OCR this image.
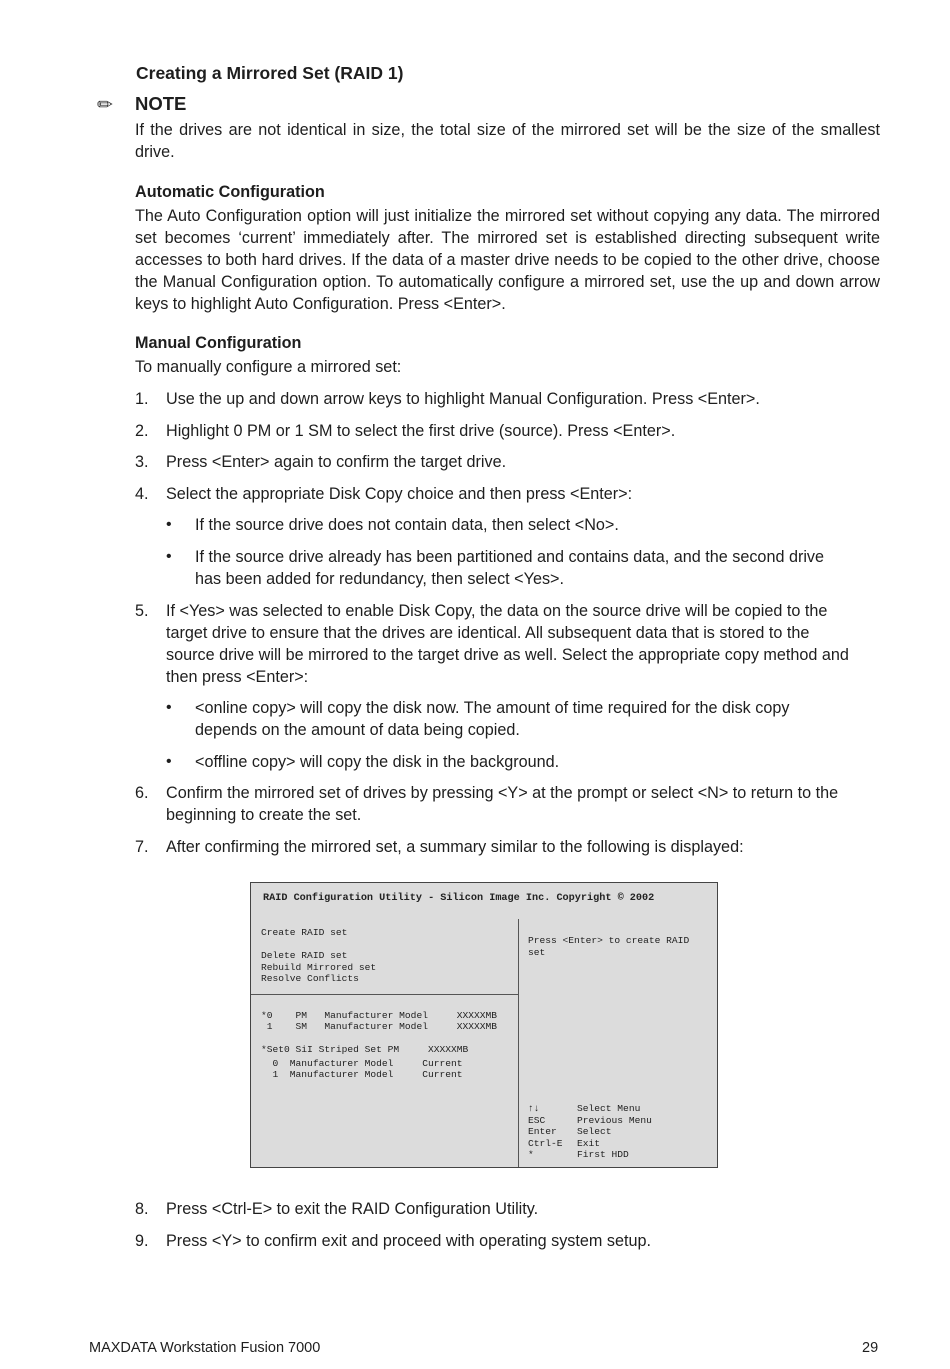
Creating a Mirrored Set (RAID 1)
✏ NOTE
If the drives are not identical in size, the total size of the mirrored set will be the size of the smallest drive.
Automatic Configuration
The Auto Configuration option will just initialize the mirrored set without copying any data. The mirrored set becomes ‘current’ immediately after. The mirrored set is established directing subsequent write accesses to both hard drives. If the data of a master drive needs to be copied to the other drive, choose the Manual Configuration option. To automatically configure a mirrored set, use the up and down arrow keys to highlight Auto Configuration. Press <Enter>.
Manual Configuration
To manually configure a mirrored set:
1. Use the up and down arrow keys to highlight Manual Configuration. Press <Enter>.
2. Highlight 0 PM or 1 SM to select the first drive (source). Press <Enter>.
3. Press <Enter> again to confirm the target drive.
4. Select the appropriate Disk Copy choice and then press <Enter>:
• If the source drive does not contain data, then select <No>.
• If the source drive already has been partitioned and contains data, and the second drive has been added for redundancy, then select <Yes>.
5. If <Yes> was selected to enable Disk Copy, the data on the source drive will be copied to the target drive to ensure that the drives are identical. All subsequent data that is stored to the source drive will be mirrored to the target drive as well. Select the appropriate copy method and then press <Enter>:
• <online copy> will copy the disk now. The amount of time required for the disk copy depends on the amount of data being copied.
• <offline copy> will copy the disk in the background.
6. Confirm the mirrored set of drives by pressing <Y> at the prompt or select <N> to return to the beginning to create the set.
7. After confirming the mirrored set, a summary similar to the following is displayed:
RAID Configuration Utility - Silicon Image Inc. Copyright © 2002
Create RAID set
Delete RAID set
Rebuild Mirrored set
Resolve Conflicts
*0    PM   Manufacturer Model     XXXXXMB
1    SM   Manufacturer Model     XXXXXMB
*Set0 SiI Striped Set PM     XXXXXMB
0  Manufacturer Model     Current
1  Manufacturer Model     Current
Press <Enter> to create RAID
set
↑↓	Select Menu
ESC	Previous Menu
Enter Select
Ctrl-E Exit
*	First HDD
8. Press <Ctrl-E> to exit the RAID Configuration Utility.
9. Press <Y> to confirm exit and proceed with operating system setup.
MAXDATA Workstation Fusion 7000	29
